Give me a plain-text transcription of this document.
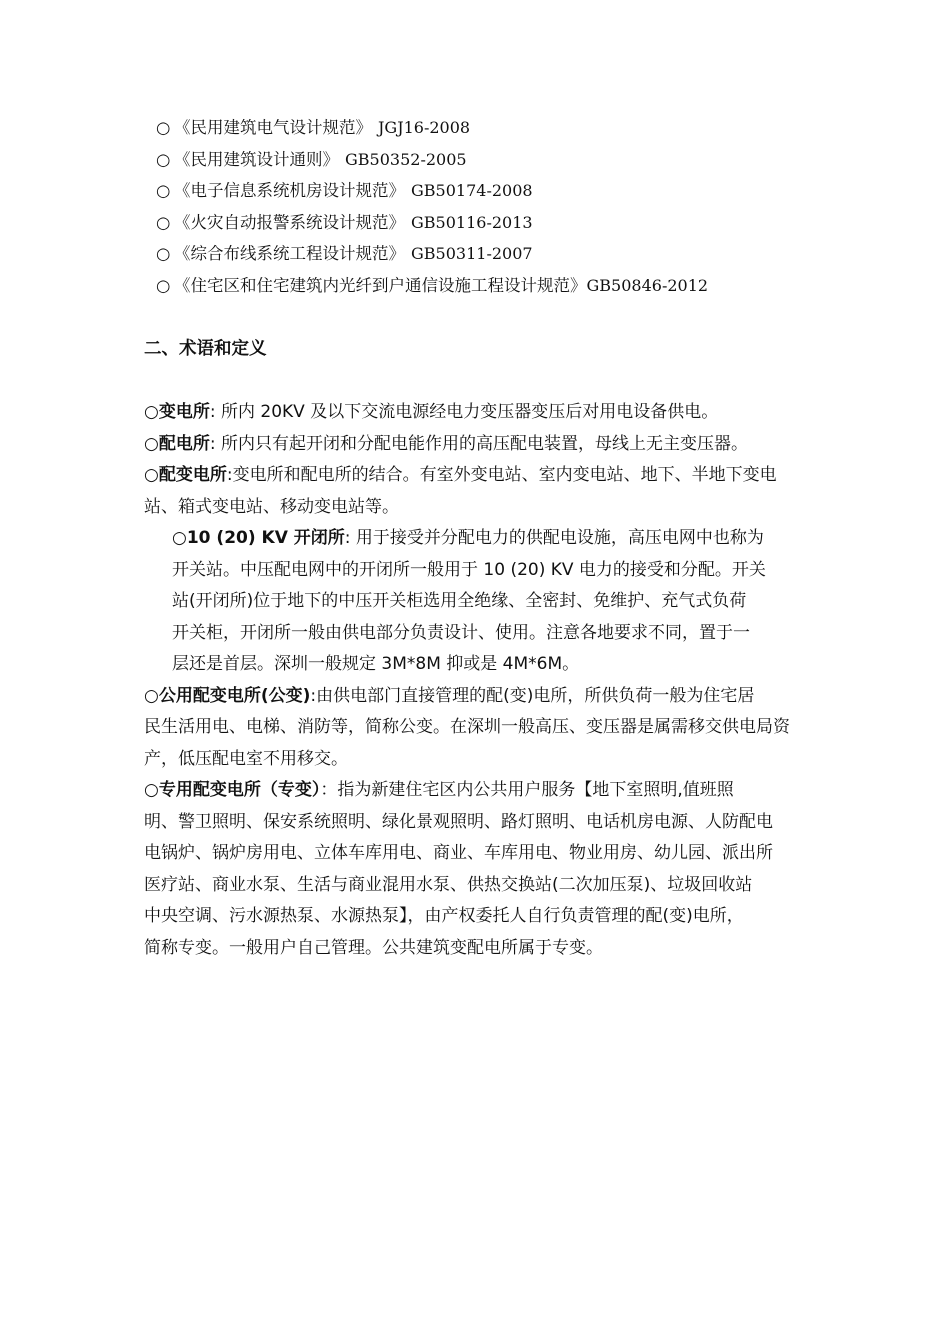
○ 《民用建筑电气设计规范》 JGJ16-2008
○ 《民用建筑设计通则》 GB50352-2005
○ 《电子信息系统机房设计规范》 GB50174-2008
○ 《火灾自动报警系统设计规范》 GB50116-2013
○ 《综合布线系统工程设计规范》 GB50311-2007
○ 《住宅区和住宅建筑内光纤到户通信设施工程设计规范》GB50846-2012
二、术语和定义

○变电所: 所内 20KV 及以下交流电源经电力变压器变压后对用电设备供电。

○配电所: 所内只有起开闭和分配电能作用的高压配电装置，母线上无主变压器。

○配变电所:变电所和配电所的结合。有室外变电站、室内变电站、地下、半地下变电
站、箱式变电站、移动变电站等。

○10 (20) KV 开闭所: 用于接受并分配电力的供配电设施，高压电网中也称为
开关站。中压配电网中的开闭所一般用于 10 (20) KV 电力的接受和分配。开关
站(开闭所)位于地下的中压开关柜选用全绝缘、全密封、免维护、充气式负荷
开关柜，开闭所一般由供电部分负责设计、使用。注意各地要求不同，置于一
层还是首层。深圳一般规定 3M*8M 抑或是 4M*6M。

○公用配变电所(公变):由供电部门直接管理的配(变)电所，所供负荷一般为住宅居
民生活用电、电梯、消防等，简称公变。在深圳一般高压、变压器是属需移交供电局资
产，低压配电室不用移交。

○专用配变电所（专变）：指为新建住宅区内公共用户服务【地下室照明,值班照
明、警卫照明、保安系统照明、绿化景观照明、路灯照明、电话机房电源、人防配电
电锅炉、锅炉房用电、立体车库用电、商业、车库用电、物业用房、幼儿园、派出所
医疗站、商业水泵、生活与商业混用水泵、供热交换站(二次加压泵)、垃圾回收站
中央空调、污水源热泵、水源热泵】，由产权委托人自行负责管理的配(变)电所，
简称专变。一般用户自己管理。公共建筑变配电所属于专变。
